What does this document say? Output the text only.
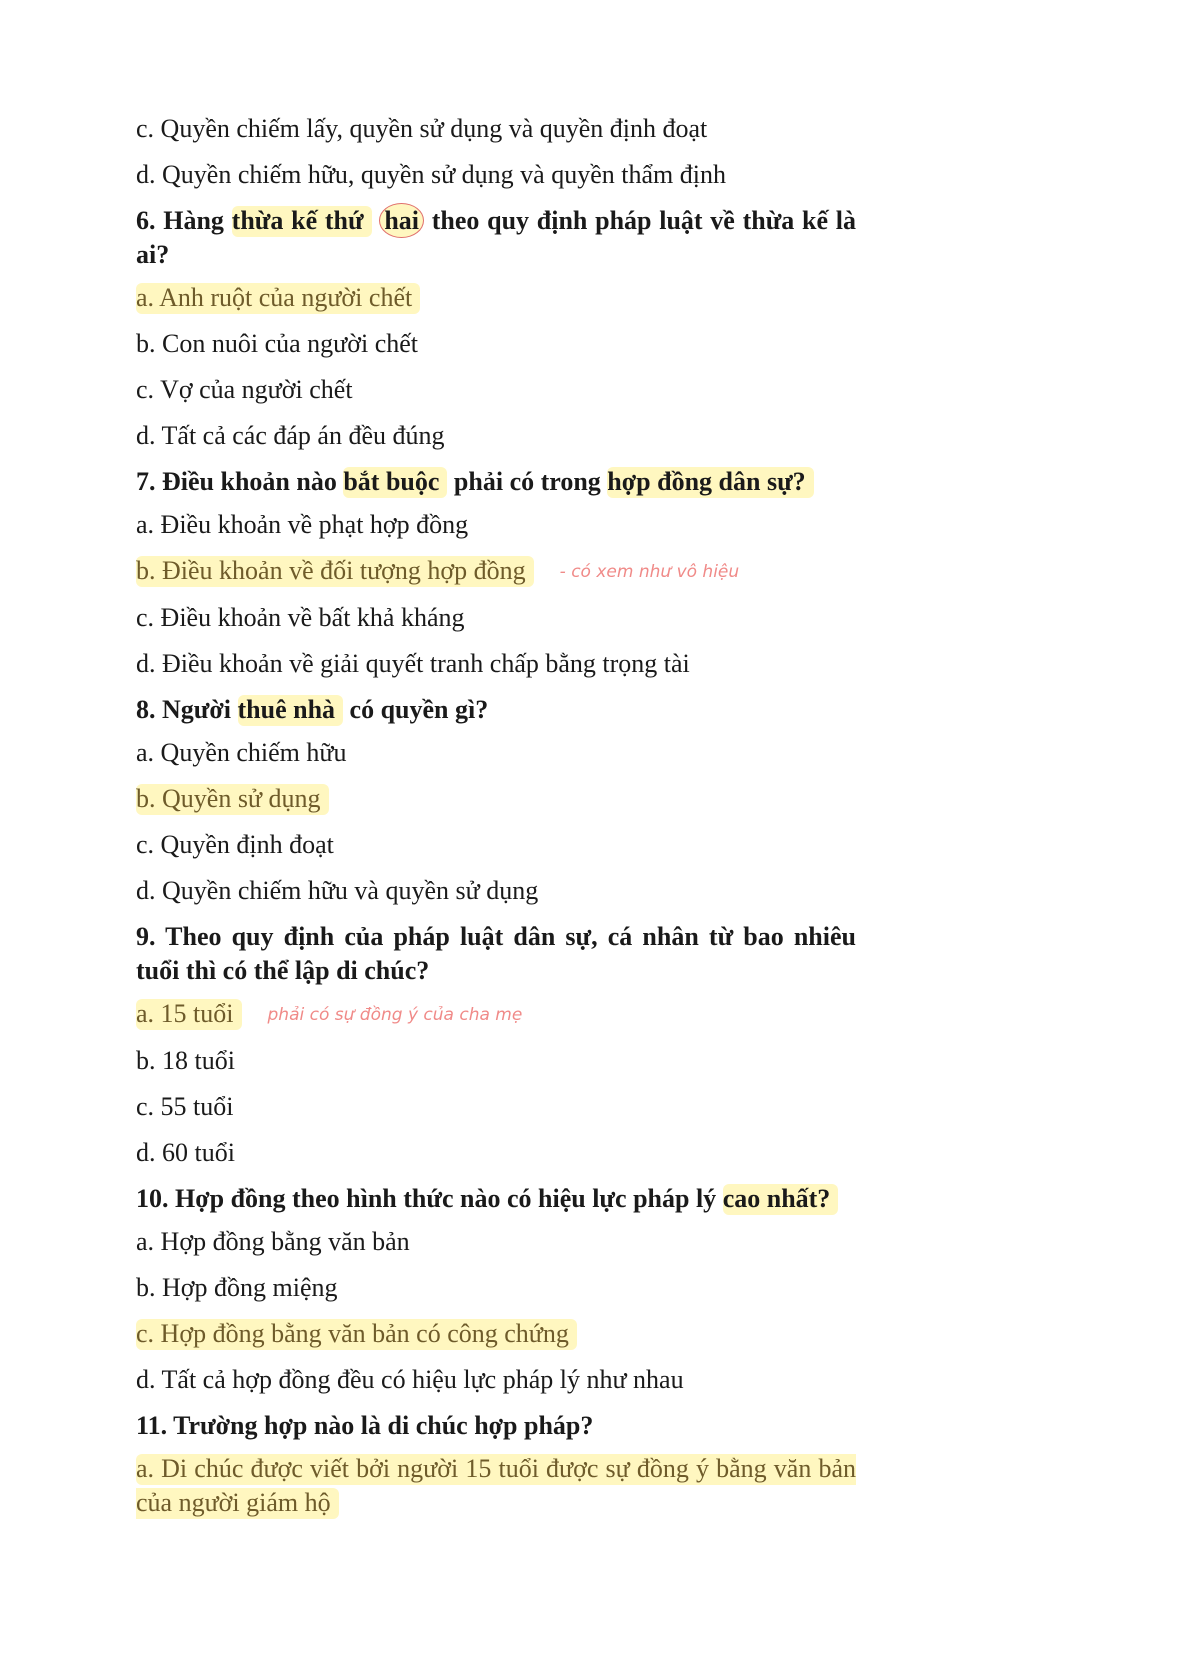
c. Quyền chiếm lấy, quyền sử dụng và quyền định đoạt

d. Quyền chiếm hữu, quyền sử dụng và quyền thẩm định

6. Hàng thừa kế thứ hai theo quy định pháp luật về thừa kế là ai?

a. Anh ruột của người chết

b. Con nuôi của người chết

c. Vợ của người chết

d. Tất cả các đáp án đều đúng

7. Điều khoản nào bắt buộc phải có trong hợp đồng dân sự?

a. Điều khoản về phạt hợp đồng

b. Điều khoản về đối tượng hợp đồng - có xem như vô hiệu

c. Điều khoản về bất khả kháng

d. Điều khoản về giải quyết tranh chấp bằng trọng tài

8. Người thuê nhà có quyền gì?

a. Quyền chiếm hữu

b. Quyền sử dụng

c. Quyền định đoạt

d. Quyền chiếm hữu và quyền sử dụng

9. Theo quy định của pháp luật dân sự, cá nhân từ bao nhiêu tuổi thì có thể lập di chúc?

a. 15 tuổi phải có sự đồng ý của cha mẹ

b. 18 tuổi

c. 55 tuổi

d. 60 tuổi

10. Hợp đồng theo hình thức nào có hiệu lực pháp lý cao nhất?

a. Hợp đồng bằng văn bản

b. Hợp đồng miệng

c. Hợp đồng bằng văn bản có công chứng

d. Tất cả hợp đồng đều có hiệu lực pháp lý như nhau

11. Trường hợp nào là di chúc hợp pháp?

a. Di chúc được viết bởi người 15 tuổi được sự đồng ý bằng văn bản của người giám hộ
